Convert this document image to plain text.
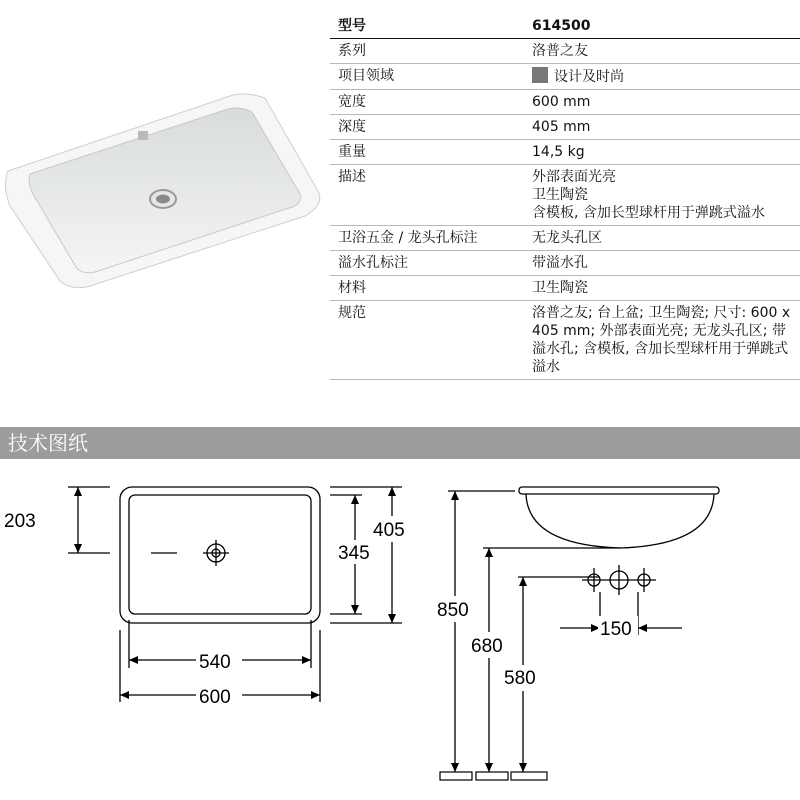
型号	614500
系列	洛普之友
项目领域	设计及时尚
宽度	600 mm
深度	405 mm
重量	14,5 kg
描述	外部表面光亮
卫生陶瓷
含模板, 含加长型球杆用于弹跳式溢水
卫浴五金 / 龙头孔标注	无龙头孔区
溢水孔标注	带溢水孔
材料	卫生陶瓷
规范	洛普之友; 台上盆; 卫生陶瓷; 尺寸: 600 x 405 mm; 外部表面光亮; 无龙头孔区; 带溢水孔; 含模板, 含加长型球杆用于弹跳式溢水
技术图纸
203
345
405
540
600
850
680
580
150
